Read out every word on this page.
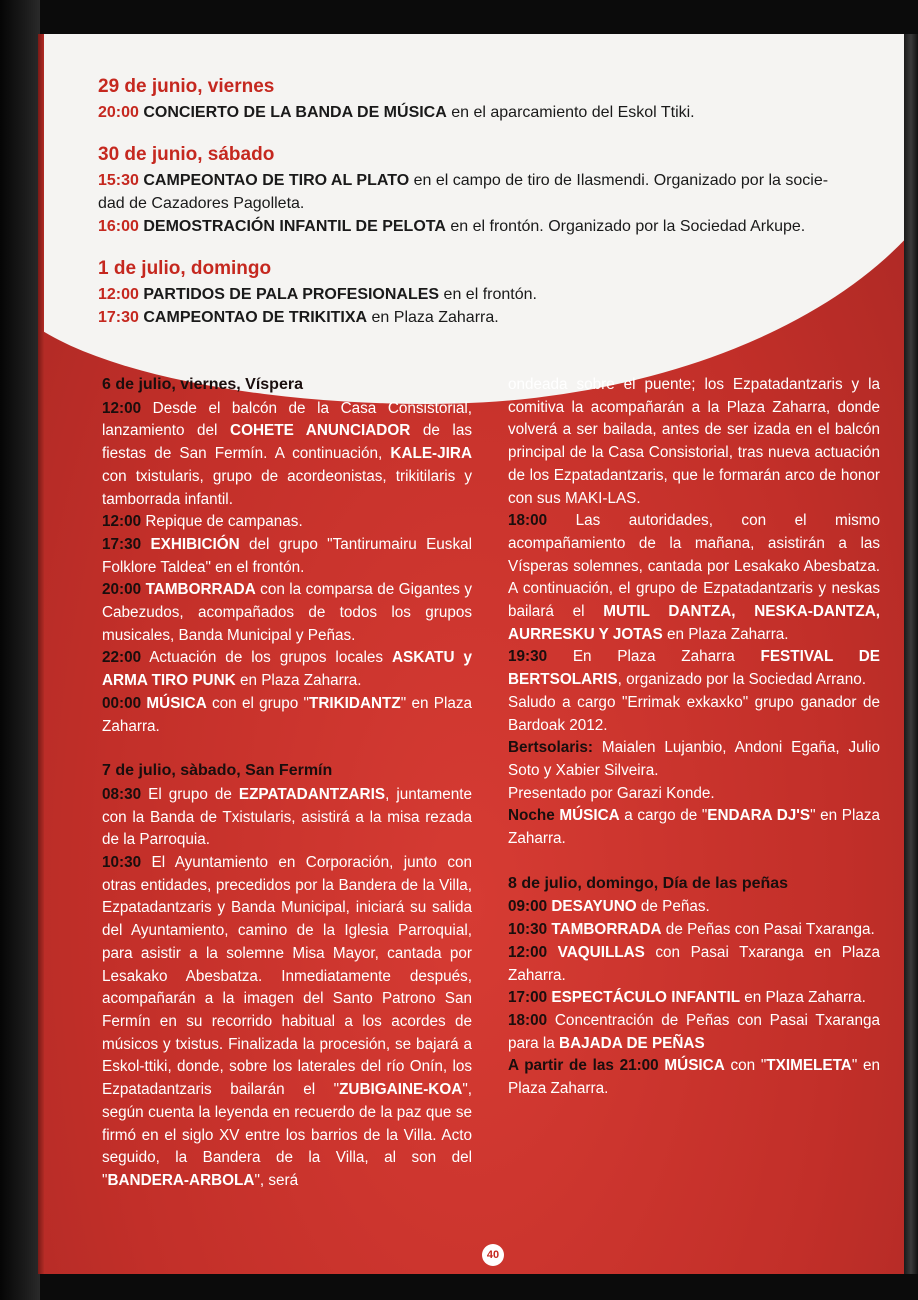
29 de junio, viernes

20:00 CONCIERTO DE LA BANDA DE MÚSICA en el aparcamiento del Eskol Ttiki.

30 de junio, sábado

15:30 CAMPEONTAO DE TIRO AL PLATO en el campo de tiro de Ilasmendi. Organizado por la socie-

dad de Cazadores Pagolleta.

16:00 DEMOSTRACIÓN INFANTIL DE PELOTA en el frontón. Organizado por la Sociedad Arkupe.

1 de julio, domingo

12:00 PARTIDOS DE PALA PROFESIONALES en el frontón.

17:30 CAMPEONTAO DE TRIKITIXA en Plaza Zaharra.

6 de julio, viernes, Víspera

12:00 Desde el balcón de la Casa Consistorial, lanzamiento del COHETE ANUNCIADOR de las fiestas de San Fermín. A continuación, KALE-JIRA con txistularis, grupo de acordeonistas, trikitilaris y tamborrada infantil.

12:00 Repique de campanas.

17:30 EXHIBICIÓN del grupo "Tantirumairu Euskal Folklore Taldea" en el frontón.

20:00 TAMBORRADA con la comparsa de Gigantes y Cabezudos, acompañados de todos los grupos musicales, Banda Municipal y Peñas.

22:00 Actuación de los grupos locales ASKATU y ARMA TIRO PUNK en Plaza Zaharra.

00:00 MÚSICA con el grupo "TRIKIDANTZ" en Plaza Zaharra.

7 de julio, sàbado, San Fermín

08:30 El grupo de EZPATADANTZARIS, juntamente con la Banda de Txistularis, asistirá a la misa rezada de la Parroquia.

10:30 El Ayuntamiento en Corporación, junto con otras entidades, precedidos por la Bandera de la Villa, Ezpatadantzaris y Banda Municipal, iniciará su salida del Ayuntamiento, camino de la Iglesia Parroquial, para asistir a la solemne Misa Mayor, cantada por Lesakako Abesbatza. Inmediatamente después, acompañarán a la imagen del Santo Patrono San Fermín en su recorrido habitual a los acordes de músicos y txistus. Finalizada la procesión, se bajará a Eskol-ttiki, donde, sobre los laterales del río Onín, los Ezpatadantzaris bailarán el "ZUBIGAINE-KOA", según cuenta la leyenda en recuerdo de la paz que se firmó en el siglo XV entre los barrios de la Villa. Acto seguido, la Bandera de la Villa, al son del "BANDERA-ARBOLA", será

ondeada sobre el puente; los Ezpatadantzaris y la comitiva la acompañarán a la Plaza Zaharra, donde volverá a ser bailada, antes de ser izada en el balcón principal de la Casa Consistorial, tras nueva actuación de los Ezpatadantzaris, que le formarán arco de honor con sus MAKI-LAS.

18:00 Las autoridades, con el mismo acompañamiento de la mañana, asistirán a las Vísperas solemnes, cantada por Lesakako Abesbatza. A continuación, el grupo de Ezpatadantzaris y neskas bailará el MUTIL DANTZA, NESKA-DANTZA, AURRESKU Y JOTAS en Plaza Zaharra.

19:30 En Plaza Zaharra FESTIVAL DE BERTSOLARIS, organizado por la Sociedad Arrano.

Saludo a cargo "Errimak exkaxko" grupo ganador de Bardoak 2012.

Bertsolaris: Maialen Lujanbio, Andoni Egaña, Julio Soto y Xabier Silveira.

Presentado por Garazi Konde.

Noche MÚSICA a cargo de "ENDARA DJ'S" en Plaza Zaharra.

8 de julio, domingo, Día de las peñas

09:00 DESAYUNO de Peñas.

10:30 TAMBORRADA de Peñas con Pasai Txaranga.

12:00 VAQUILLAS con Pasai Txaranga en Plaza Zaharra.

17:00 ESPECTÁCULO INFANTIL en Plaza Zaharra.

18:00 Concentración de Peñas con Pasai Txaranga para la BAJADA DE PEÑAS

A partir de las 21:00 MÚSICA con "TXIMELETA" en Plaza Zaharra.

40
